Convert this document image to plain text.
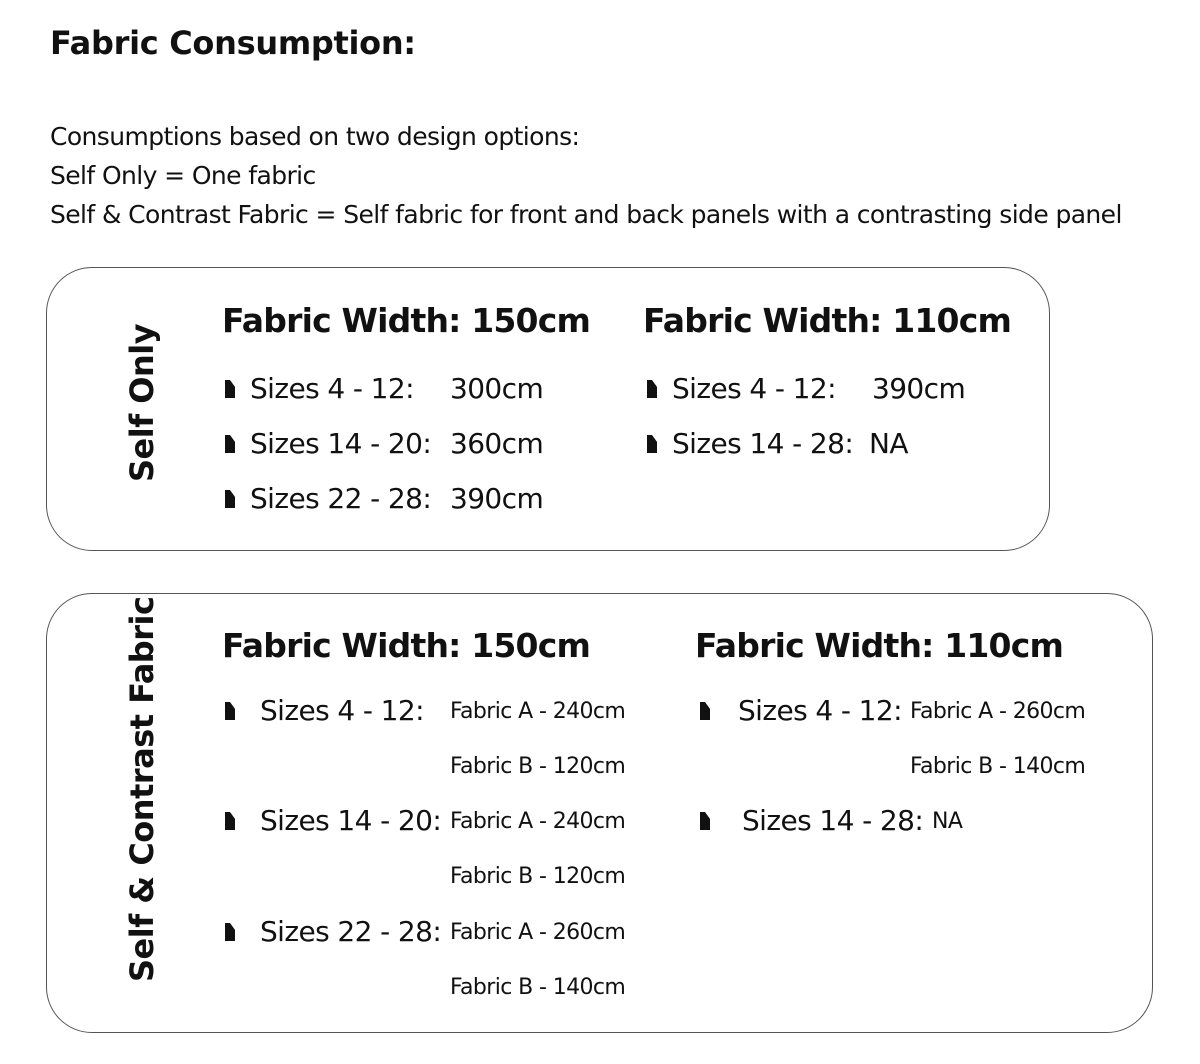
Fabric Consumption:
Consumptions based on two design options:
Self Only = One fabric
Self & Contrast Fabric = Self fabric for front and back panels with a contrasting side panel
Self Only
Fabric Width: 150cm
Sizes 4 - 12: 300cm
Sizes 14 - 20: 360cm
Sizes 22 - 28: 390cm
Fabric Width: 110cm
Sizes 4 - 12: 390cm
Sizes 14 - 28: NA
Self & Contrast Fabric Fabric Width: 150cm
Sizes 4 - 12: Fabric A - 240cm
Fabric B - 120cm
Sizes 14 - 20: Fabric A - 240cm
Fabric B - 120cm
Sizes 22 - 28: Fabric A - 260cm
Fabric B - 140cm
Fabric Width: 110cm
Sizes 4 - 12: Fabric A - 260cm
Fabric B - 140cm
Sizes 14 - 28: NA
